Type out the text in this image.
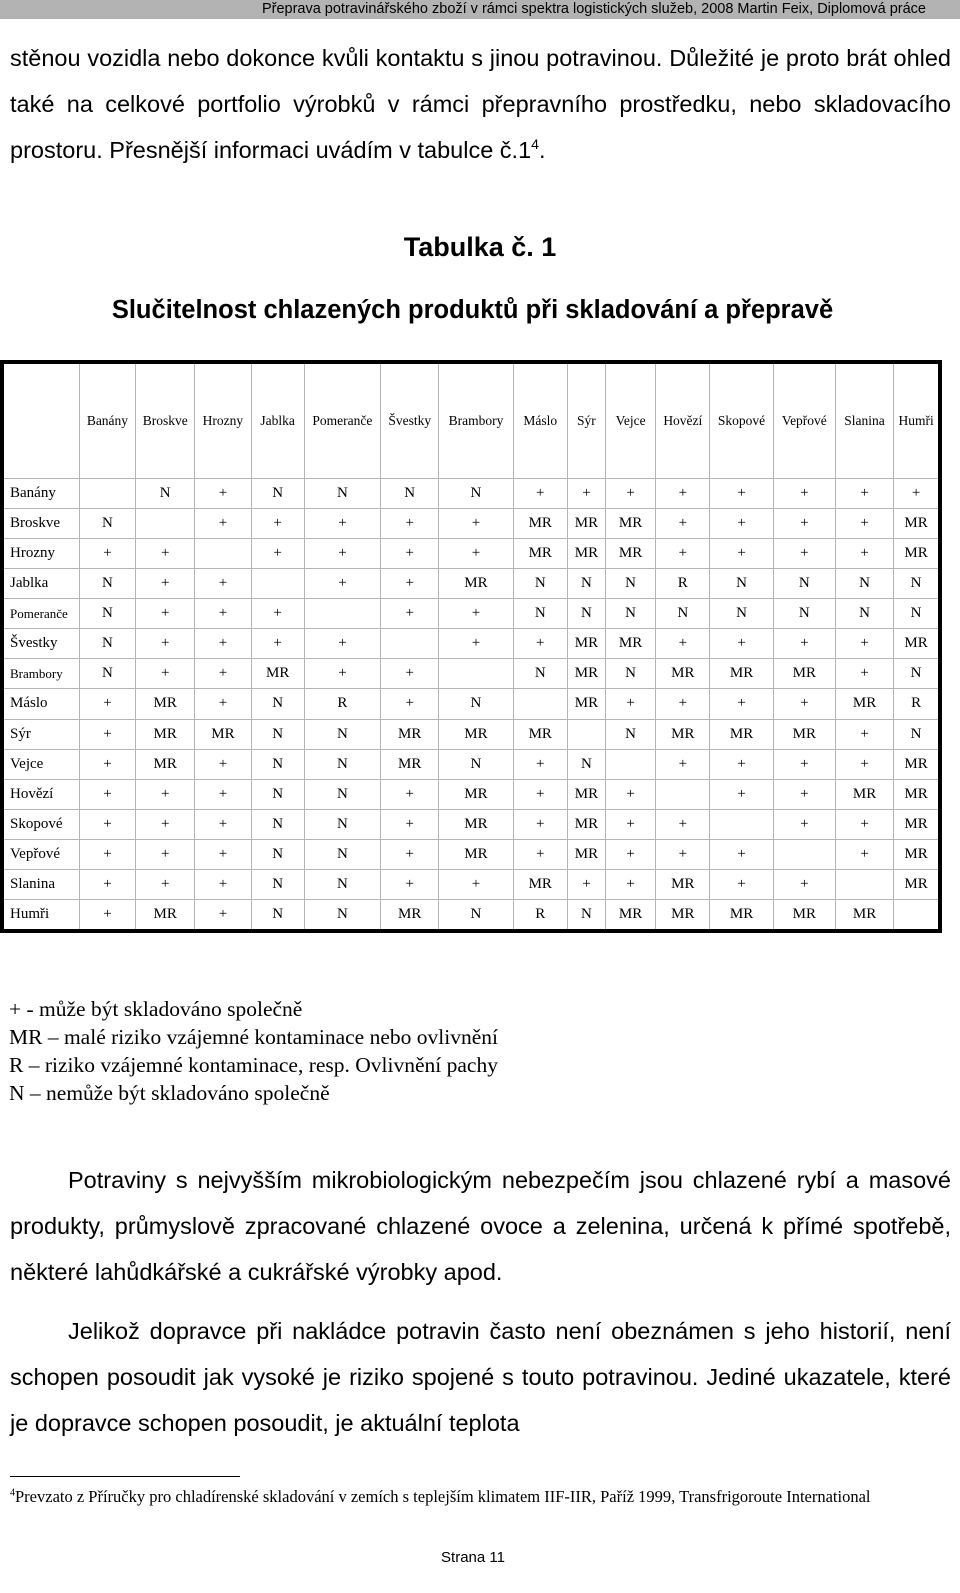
Přeprava potravinářského zboží v rámci spektra logistických služeb, 2008 Martin Feix, Diplomová práce

stěnou vozidla nebo dokonce kvůli kontaktu s jinou potravinou. Důležité je proto brát ohled také na celkové portfolio výrobků v rámci přepravního prostředku, nebo skladovacího prostoru. Přesnější informaci uvádím v tabulce č.1$^4$.

Tabulka č. 1
Slučitelnost chlazených produktů při skladování a přepravě
	Banány	Broskve	Hrozny	Jablka	Pomeranče	Švestky	Brambory	Máslo	Sýr	Vejce	Hovězí	Skopové	Vepřové	Slanina	Humři
Banány		N	+	N	N	N	N	+	+	+	+	+	+	+	+
Broskve	N		+	+	+	+	+	MR	MR	MR	+	+	+	+	MR
Hrozny	+	+		+	+	+	+	MR	MR	MR	+	+	+	+	MR
Jablka	N	+	+		+	+	MR	N	N	N	R	N	N	N	N
Pomeranče	N	+	+	+		+	+	N	N	N	N	N	N	N	N
Švestky	N	+	+	+	+		+	+	MR	MR	+	+	+	+	MR
Brambory	N	+	+	MR	+	+		N	MR	N	MR	MR	MR	+	N
Máslo	+	MR	+	N	R	+	N		MR	+	+	+	+	MR	R
Sýr	+	MR	MR	N	N	MR	MR	MR		N	MR	MR	MR	+	N
Vejce	+	MR	+	N	N	MR	N	+	N		+	+	+	+	MR
Hovězí	+	+	+	N	N	+	MR	+	MR	+		+	+	MR	MR
Skopové	+	+	+	N	N	+	MR	+	MR	+	+		+	+	MR
Vepřové	+	+	+	N	N	+	MR	+	MR	+	+	+		+	MR
Slanina	+	+	+	N	N	+	+	MR	+	+	MR	+	+		MR
Humři	+	MR	+	N	N	MR	N	R	N	MR	MR	MR	MR	MR	
+ - může být skladováno společně
MR – malé riziko vzájemné kontaminace nebo ovlivnění
R – riziko vzájemné kontaminace, resp. Ovlivnění pachy
N – nemůže být skladováno společně

Potraviny s nejvyšším mikrobiologickým nebezpečím jsou chlazené rybí a masové produkty, průmyslově zpracované chlazené ovoce a zelenina, určená k přímé spotřebě, některé lahůdkářské a cukrářské výrobky apod.

Jelikož dopravce při nakládce potravin často není obeznámen s jeho historií, není schopen posoudit jak vysoké je riziko spojené s touto potravinou. Jediné ukazatele, které je dopravce schopen posoudit, je aktuální teplota

$^4$Prevzato z Příručky pro chladírenské skladování v zemích s teplejším klimatem IIF-IIR, Paříž 1999, Transfrigoroute International
Strana 11
